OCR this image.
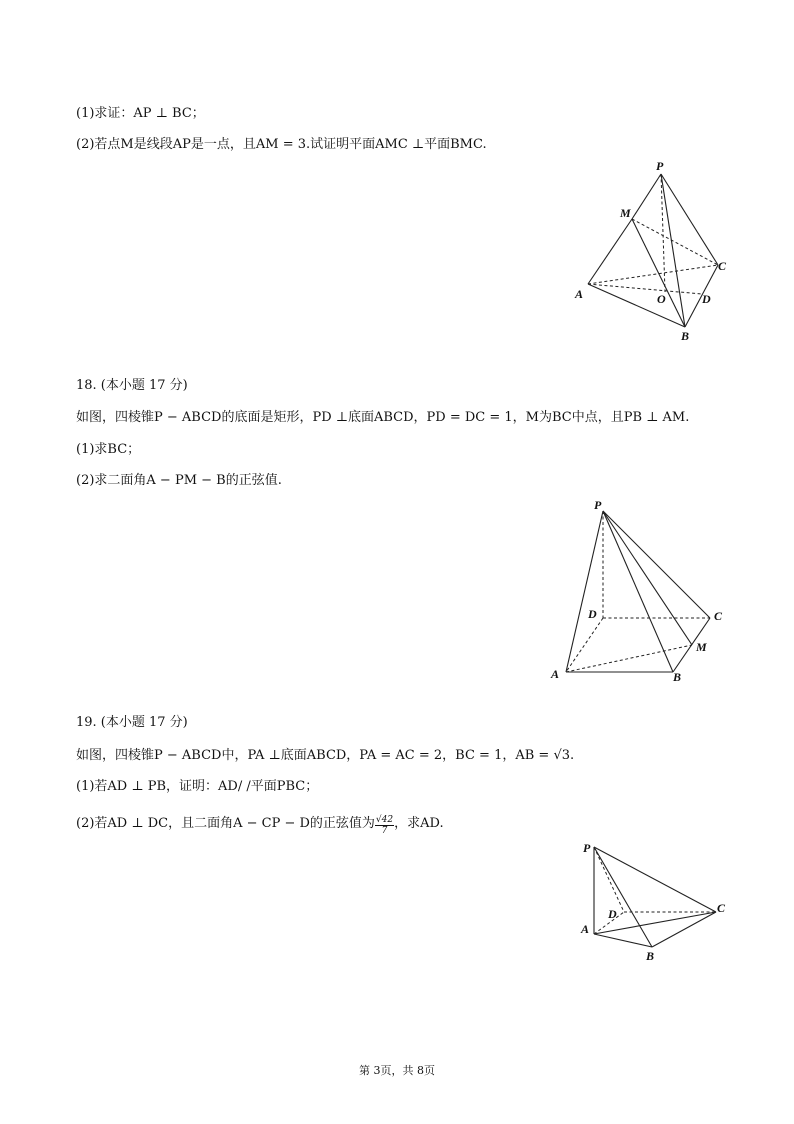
(1)求证：AP ⊥ BC；
(2)若点M是线段AP是一点，且AM = 3.试证明平面AMC ⊥平面BMC.
P
M
C
A	O	D
B
18. (本小题 17 分)
如图，四棱锥P − ABCD的底面是矩形，PD ⊥底面ABCD，PD = DC = 1，M为BC中点，且PB ⊥ AM.
(1)求BC；
(2)求二面角A − PM − B的正弦值.
P
D	C
M
A	B
19. (本小题 17 分)
如图，四棱锥P − ABCD中，PA ⊥底面ABCD，PA = AC = 2，BC = 1，AB = √3.
(1)若AD ⊥ PB，证明：AD/ /平面PBC；
(2)若AD ⊥ DC，且二面角A − CP − D的正弦值为 $\frac{√42}{7}$ ，求AD.
P
D	C
A
B
第 3页，共 8页
